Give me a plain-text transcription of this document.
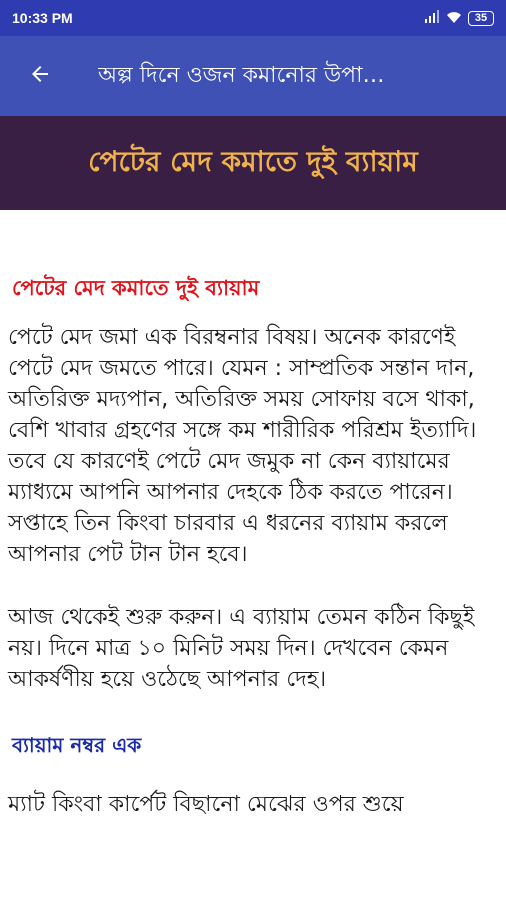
10:33 PM	35
অল্প দিনে ওজন কমানোর উপা…
পেটের মেদ কমাতে দুই ব্যায়াম
পেটের মেদ কমাতে দুই ব্যায়াম
পেটে মেদ জমা এক বিরম্বনার বিষয়। অনেক কারণেই পেটে মেদ জমতে পারে। যেমন : সাম্প্রতিক সন্তান দান, অতিরিক্ত মদ্যপান, অতিরিক্ত সময় সোফায় বসে থাকা, বেশি খাবার গ্রহণের সঙ্গে কম শারীরিক পরিশ্রম ইত্যাদি। তবে যে কারণেই পেটে মেদ জমুক না কেন ব্যায়ামের ম্যাধ্যমে আপনি আপনার দেহকে ঠিক করতে পারেন। সপ্তাহে তিন কিংবা চারবার এ ধরনের ব্যায়াম করলে আপনার পেট টান টান হবে।
আজ থেকেই শুরু করুন। এ ব্যায়াম তেমন কঠিন কিছুই নয়। দিনে মাত্র ১০ মিনিট সময় দিন। দেখবেন কেমন আকর্ষণীয় হয়ে ওঠেছে আপনার দেহ।
ব্যায়াম নম্বর এক
ম্যাট কিংবা কার্পেট বিছানো মেঝের ওপর শুয়ে
